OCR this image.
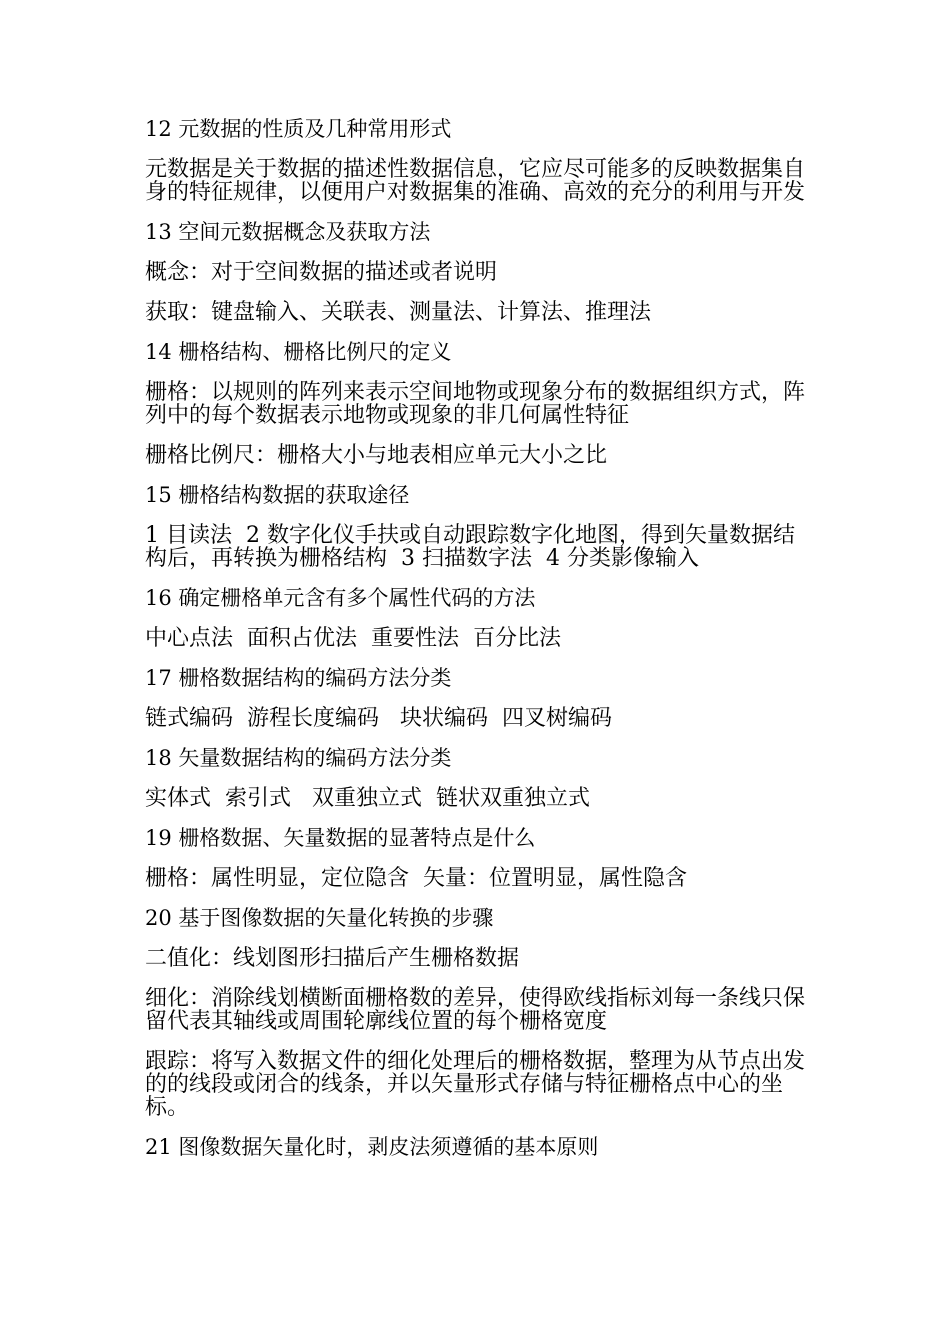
12 元数据的性质及几种常用形式

元数据是关于数据的描述性数据信息，它应尽可能多的反映数据集自身的特征规律，以便用户对数据集的准确、高效的充分的利用与开发

13 空间元数据概念及获取方法

概念：对于空间数据的描述或者说明

获取：键盘输入、关联表、测量法、计算法、推理法

14 栅格结构、栅格比例尺的定义

栅格：以规则的阵列来表示空间地物或现象分布的数据组织方式，阵列中的每个数据表示地物或现象的非几何属性特征

栅格比例尺：栅格大小与地表相应单元大小之比

15 栅格结构数据的获取途径

1 目读法  2 数字化仪手扶或自动跟踪数字化地图，得到矢量数据结构后，再转换为栅格结构  3 扫描数字法  4 分类影像输入

16 确定栅格单元含有多个属性代码的方法

中心点法  面积占优法  重要性法  百分比法

17 栅格数据结构的编码方法分类

链式编码  游程长度编码   块状编码  四叉树编码

18 矢量数据结构的编码方法分类

实体式  索引式   双重独立式  链状双重独立式

19 栅格数据、矢量数据的显著特点是什么

栅格：属性明显，定位隐含  矢量：位置明显，属性隐含

20 基于图像数据的矢量化转换的步骤

二值化：线划图形扫描后产生栅格数据

细化：消除线划横断面栅格数的差异，使得欧线指标刘每一条线只保留代表其轴线或周围轮廓线位置的每个栅格宽度

跟踪：将写入数据文件的细化处理后的栅格数据，整理为从节点出发的的线段或闭合的线条，并以矢量形式存储与特征栅格点中心的坐标。

21 图像数据矢量化时，剥皮法须遵循的基本原则
